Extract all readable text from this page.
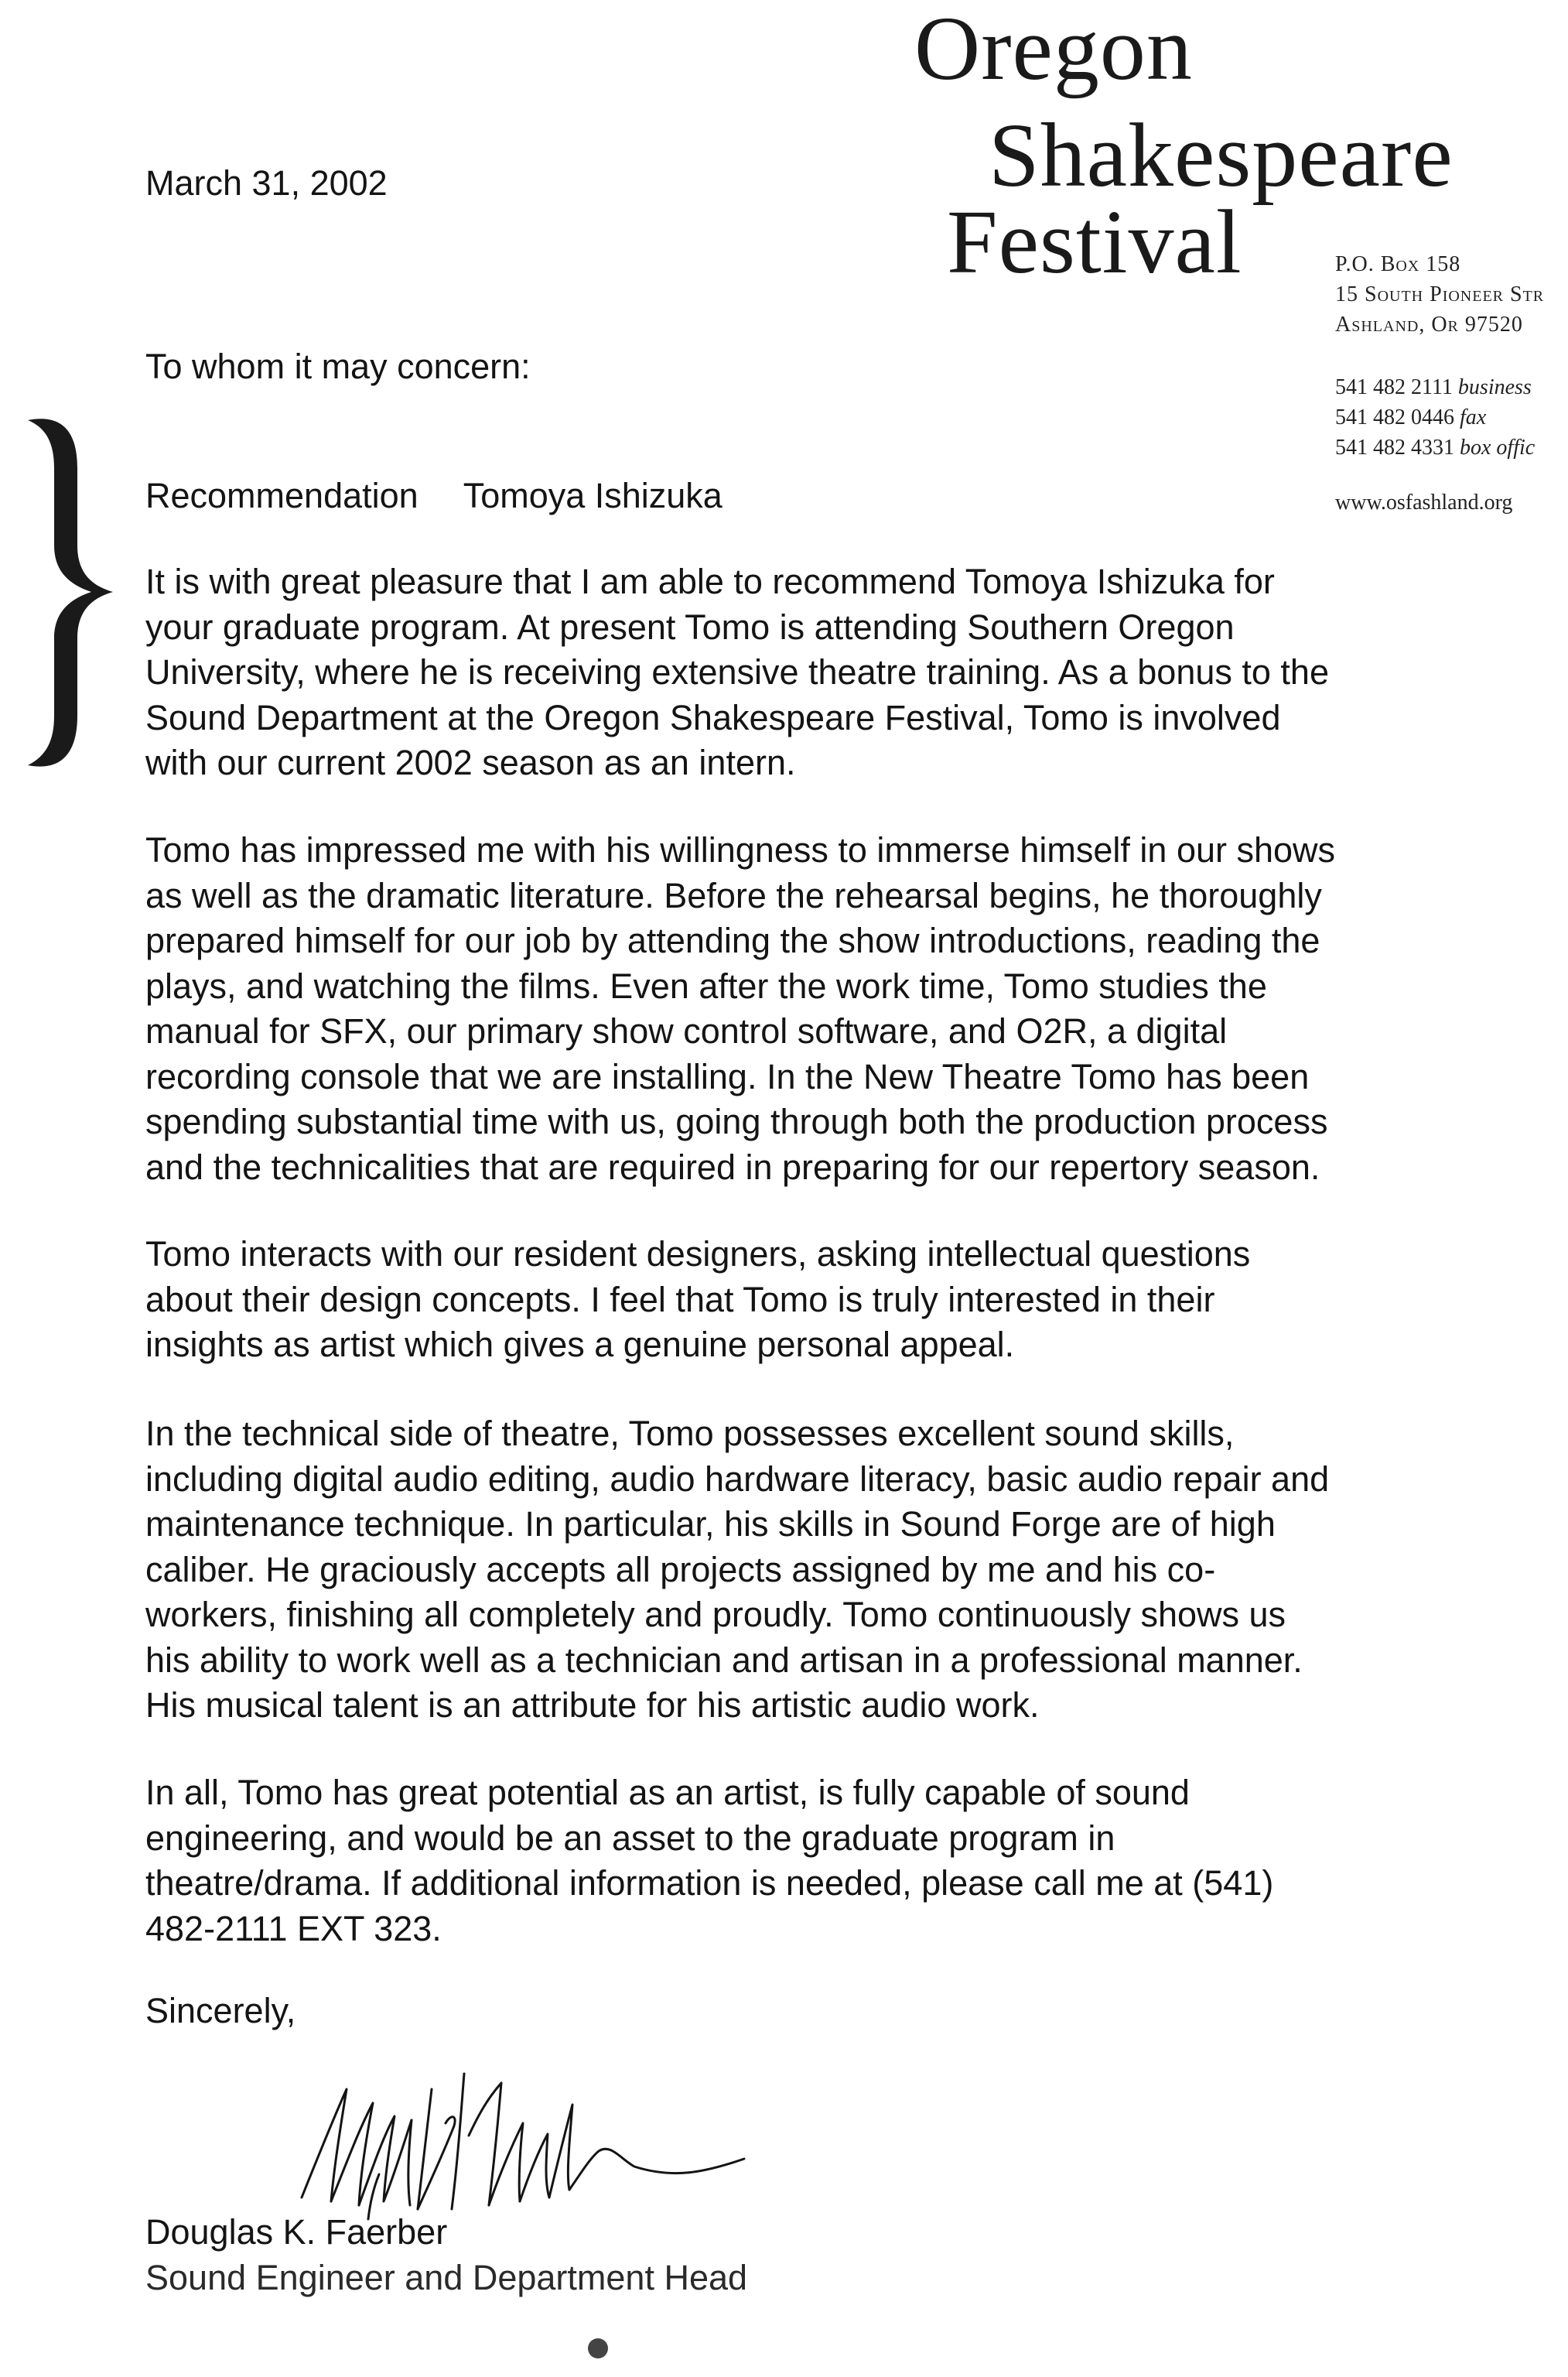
Oregon
Shakespeare
Festival	P.O. Box 158
15 South Pioneer Str
Ashland, Or 97520
541 482 2111 business
541 482 0446 fax
541 482 4331 box offic
www.osfashland.org
March 31, 2002
To whom it may concern:
Recommendation Tomoya Ishizuka
It is with great pleasure that I am able to recommend Tomoya Ishizuka for
your graduate program. At present Tomo is attending Southern Oregon
University, where he is receiving extensive theatre training. As a bonus to the
Sound Department at the Oregon Shakespeare Festival, Tomo is involved
with our current 2002 season as an intern.
Tomo has impressed me with his willingness to immerse himself in our shows
as well as the dramatic literature. Before the rehearsal begins, he thoroughly
prepared himself for our job by attending the show introductions, reading the
plays, and watching the films. Even after the work time, Tomo studies the
manual for SFX, our primary show control software, and O2R, a digital
recording console that we are installing. In the New Theatre Tomo has been
spending substantial time with us, going through both the production process
and the technicalities that are required in preparing for our repertory season.
Tomo interacts with our resident designers, asking intellectual questions
about their design concepts. I feel that Tomo is truly interested in their
insights as artist which gives a genuine personal appeal.
In the technical side of theatre, Tomo possesses excellent sound skills,
including digital audio editing, audio hardware literacy, basic audio repair and
maintenance technique. In particular, his skills in Sound Forge are of high
caliber. He graciously accepts all projects assigned by me and his co-
workers, finishing all completely and proudly. Tomo continuously shows us
his ability to work well as a technician and artisan in a professional manner.
His musical talent is an attribute for his artistic audio work.
In all, Tomo has great potential as an artist, is fully capable of sound
engineering, and would be an asset to the graduate program in
theatre/drama. If additional information is needed, please call me at (541)
482-2111 EXT 323.
Sincerely,
Douglas K. Faerber
Sound Engineer and Department Head
